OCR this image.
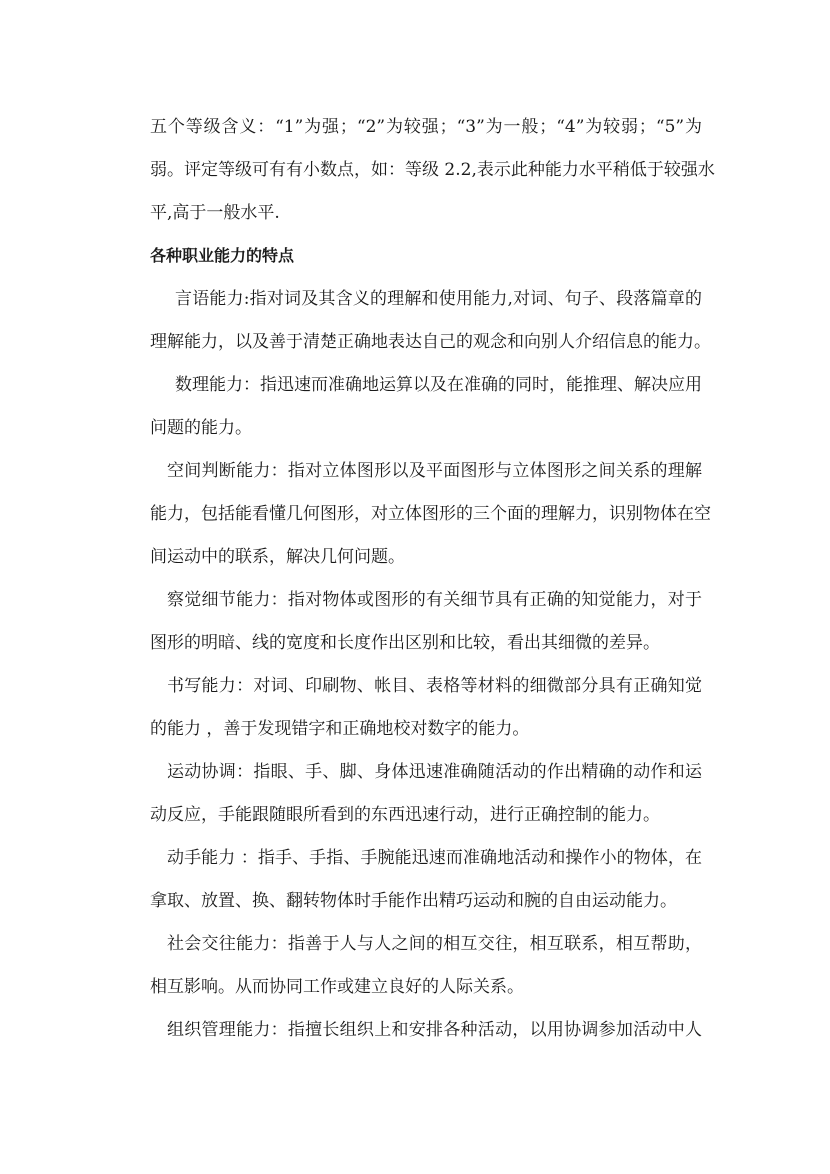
五个等级含义：“1”为强；“2”为较强；“3”为一般；“4”为较弱；“5”为
弱。评定等级可有有小数点，如：等级 2.2,表示此种能力水平稍低于较强水
平,高于一般水平.
各种职业能力的特点
言语能力:指对词及其含义的理解和使用能力,对词、句子、段落篇章的
理解能力，以及善于清楚正确地表达自己的观念和向别人介绍信息的能力。
数理能力：指迅速而准确地运算以及在准确的同时，能推理、解决应用
问题的能力。
空间判断能力：指对立体图形以及平面图形与立体图形之间关系的理解
能力，包括能看懂几何图形，对立体图形的三个面的理解力，识别物体在空
间运动中的联系，解决几何问题。
察觉细节能力：指对物体或图形的有关细节具有正确的知觉能力，对于
图形的明暗、线的宽度和长度作出区别和比较，看出其细微的差异。
书写能力：对词、印刷物、帐目、表格等材料的细微部分具有正确知觉
的能力 ，善于发现错字和正确地校对数字的能力。
运动协调：指眼、手、脚、身体迅速准确随活动的作出精确的动作和运
动反应，手能跟随眼所看到的东西迅速行动，进行正确控制的能力。
动手能力 ：指手、手指、手腕能迅速而准确地活动和操作小的物体，在
拿取、放置、换、翻转物体时手能作出精巧运动和腕的自由运动能力。
社会交往能力：指善于人与人之间的相互交往，相互联系，相互帮助，
相互影响。从而协同工作或建立良好的人际关系。
组织管理能力：指擅长组织上和安排各种活动，以用协调参加活动中人
